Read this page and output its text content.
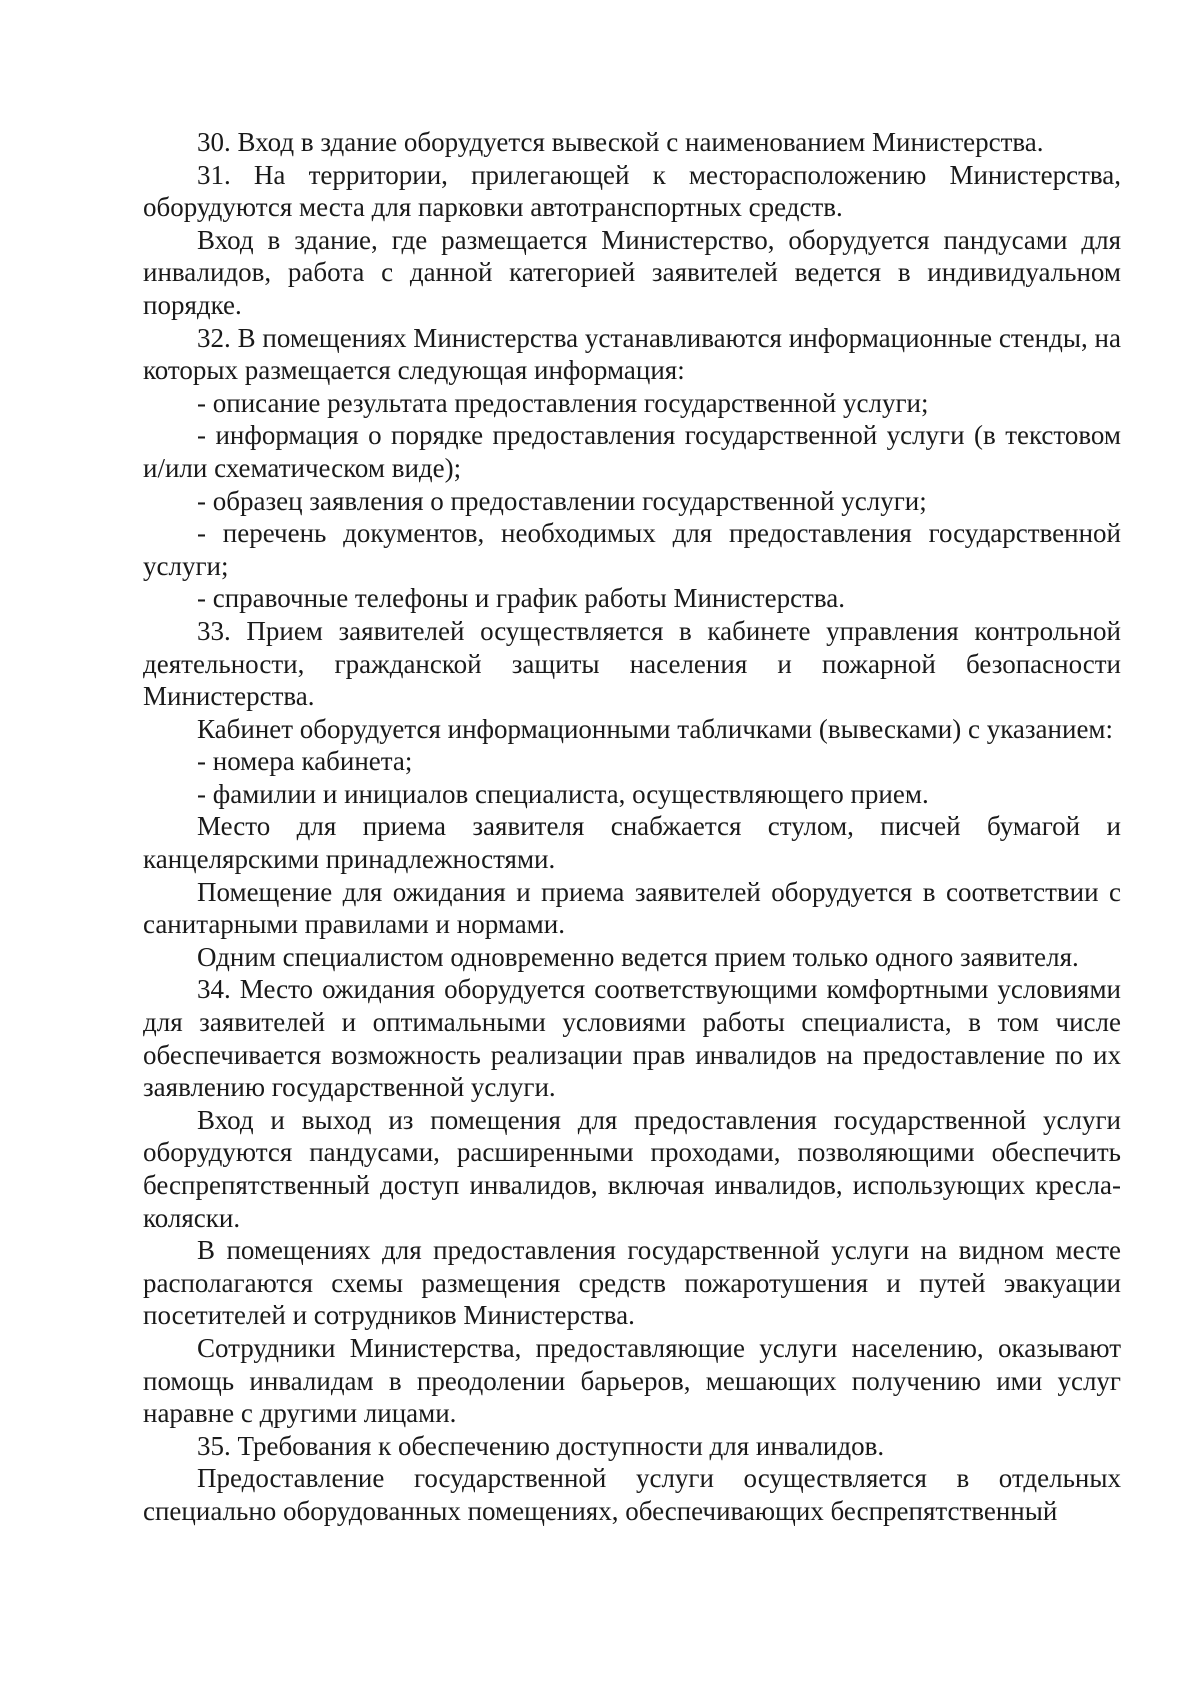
30. Вход в здание оборудуется вывеской с наименованием Министерства.

31. На территории, прилегающей к месторасположению Министерства, оборудуются места для парковки автотранспортных средств.

Вход в здание, где размещается Министерство, оборудуется пандусами для инвалидов, работа с данной категорией заявителей ведется в индивидуальном порядке.

32. В помещениях Министерства устанавливаются информационные стенды, на которых размещается следующая информация:

- описание результата предоставления государственной услуги;

- информация о порядке предоставления государственной услуги (в текстовом и/или схематическом виде);

- образец заявления о предоставлении государственной услуги;

- перечень документов, необходимых для предоставления государственной услуги;

- справочные телефоны и график работы Министерства.

33. Прием заявителей осуществляется в кабинете управления контрольной деятельности, гражданской защиты населения и пожарной безопасности Министерства.

Кабинет оборудуется информационными табличками (вывесками) с указанием:

- номера кабинета;

- фамилии и инициалов специалиста, осуществляющего прием.

Место для приема заявителя снабжается стулом, писчей бумагой и канцелярскими принадлежностями.

Помещение для ожидания и приема заявителей оборудуется в соответствии с санитарными правилами и нормами.

Одним специалистом одновременно ведется прием только одного заявителя.

34. Место ожидания оборудуется соответствующими комфортными условиями для заявителей и оптимальными условиями работы специалиста, в том числе обеспечивается возможность реализации прав инвалидов на предоставление по их заявлению государственной услуги.

Вход и выход из помещения для предоставления государственной услуги оборудуются пандусами, расширенными проходами, позволяющими обеспечить беспрепятственный доступ инвалидов, включая инвалидов, использующих кресла-коляски.

В помещениях для предоставления государственной услуги на видном месте располагаются схемы размещения средств пожаротушения и путей эвакуации посетителей и сотрудников Министерства.

Сотрудники Министерства, предоставляющие услуги населению, оказывают помощь инвалидам в преодолении барьеров, мешающих получению ими услуг наравне с другими лицами.

35. Требования к обеспечению доступности для инвалидов.

Предоставление государственной услуги осуществляется в отдельных специально оборудованных помещениях, обеспечивающих беспрепятственный
